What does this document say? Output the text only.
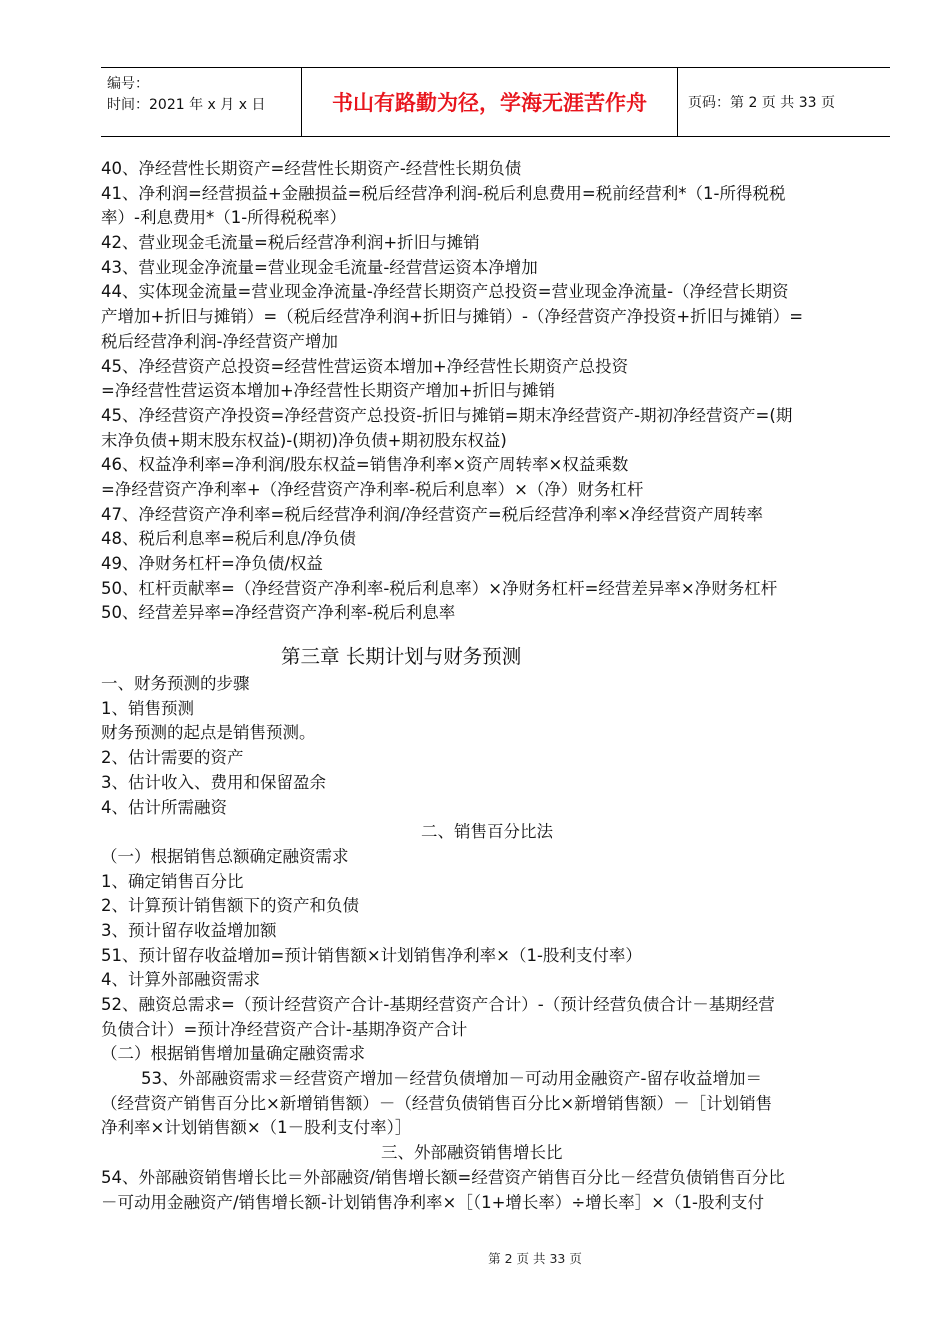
编号：
时间：2021 年 x 月 x 日	书山有路勤为径，学海无涯苦作舟	页码：第 2 页 共 33 页
40、净经营性长期资产=经营性长期资产-经营性长期负债
41、净利润=经营损益+金融损益=税后经营净利润-税后利息费用=税前经营利*（1-所得税税
率）-利息费用*（1-所得税税率）
42、营业现金毛流量=税后经营净利润+折旧与摊销
43、营业现金净流量=营业现金毛流量-经营营运资本净增加
44、实体现金流量=营业现金净流量-净经营长期资产总投资=营业现金净流量-（净经营长期资
产增加+折旧与摊销）=（税后经营净利润+折旧与摊销）-（净经营资产净投资+折旧与摊销）=
税后经营净利润-净经营资产增加
45、净经营资产总投资=经营性营运资本增加+净经营性长期资产总投资
=净经营性营运资本增加+净经营性长期资产增加+折旧与摊销
45、净经营资产净投资=净经营资产总投资-折旧与摊销=期末净经营资产-期初净经营资产=(期
末净负债+期末股东权益)-(期初)净负债+期初股东权益)
46、权益净利率=净利润/股东权益=销售净利率×资产周转率×权益乘数
=净经营资产净利率+（净经营资产净利率-税后利息率）×（净）财务杠杆
47、净经营资产净利率=税后经营净利润/净经营资产=税后经营净利率×净经营资产周转率
48、税后利息率=税后利息/净负债
49、净财务杠杆=净负债/权益
50、杠杆贡献率=（净经营资产净利率-税后利息率）×净财务杠杆=经营差异率×净财务杠杆
50、经营差异率=净经营资产净利率-税后利息率
第三章 长期计划与财务预测
一、财务预测的步骤
1、销售预测
财务预测的起点是销售预测。
2、估计需要的资产
3、估计收入、费用和保留盈余
4、估计所需融资
二、销售百分比法
（一）根据销售总额确定融资需求
1、确定销售百分比
2、计算预计销售额下的资产和负债
3、预计留存收益增加额
51、预计留存收益增加=预计销售额×计划销售净利率×（1-股利支付率）
4、计算外部融资需求
52、融资总需求=（预计经营资产合计-基期经营资产合计）-（预计经营负债合计－基期经营
负债合计）=预计净经营资产合计-基期净资产合计
（二）根据销售增加量确定融资需求
53、外部融资需求＝经营资产增加－经营负债增加－可动用金融资产-留存收益增加＝
（经营资产销售百分比×新增销售额）－（经营负债销售百分比×新增销售额）－［计划销售
净利率×计划销售额×（1－股利支付率）］
三、外部融资销售增长比
54、外部融资销售增长比＝外部融资/销售增长额=经营资产销售百分比－经营负债销售百分比
－可动用金融资产/销售增长额-计划销售净利率×［（1+增长率）÷增长率］×（1-股利支付
第 2 页 共 33 页
